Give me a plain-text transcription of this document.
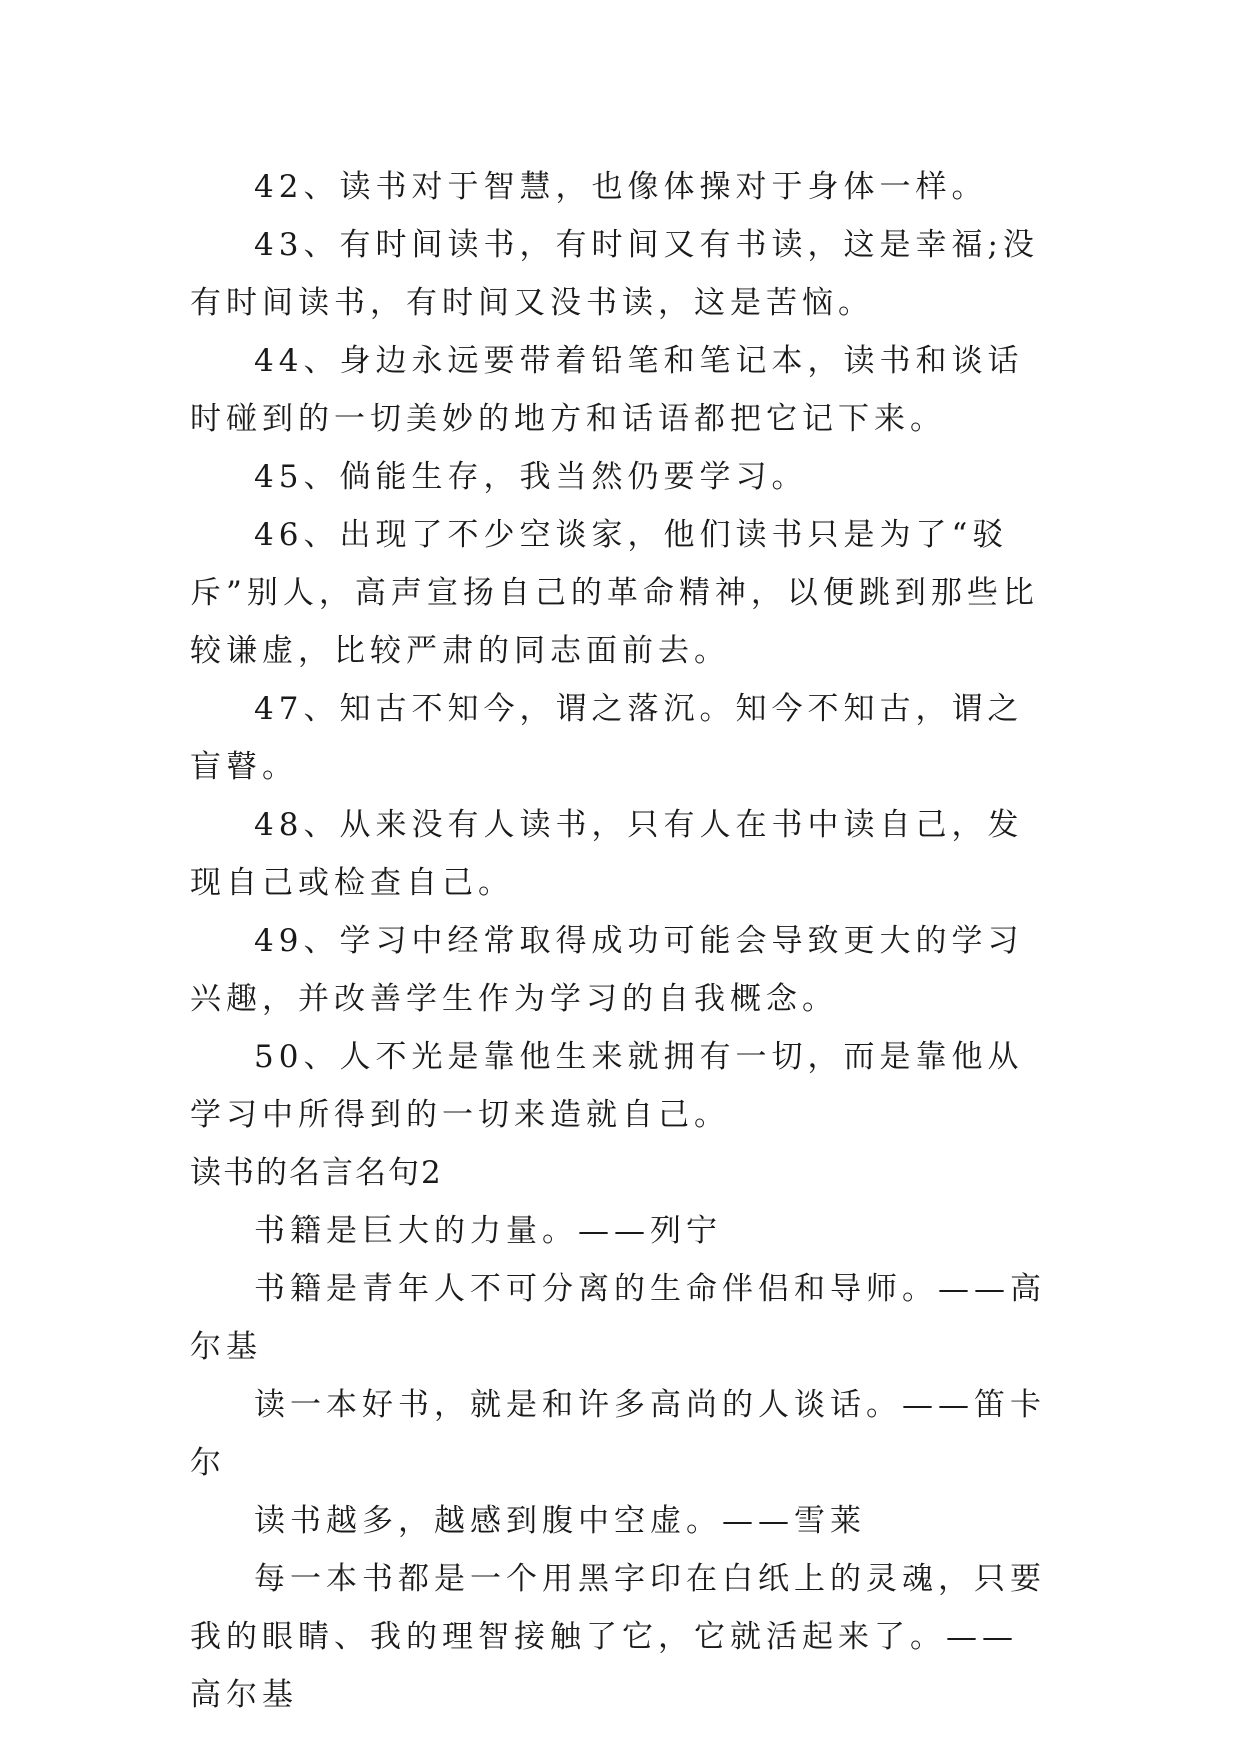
42、读书对于智慧，也像体操对于身体一样。

43、有时间读书，有时间又有书读，这是幸福;没有时间读书，有时间又没书读，这是苦恼。

44、身边永远要带着铅笔和笔记本，读书和谈话时碰到的一切美妙的地方和话语都把它记下来。

45、倘能生存，我当然仍要学习。

46、出现了不少空谈家，他们读书只是为了“驳斥”别人，高声宣扬自己的革命精神，以便跳到那些比较谦虚，比较严肃的同志面前去。

47、知古不知今，谓之落沉。知今不知古，谓之盲瞽。

48、从来没有人读书，只有人在书中读自己，发现自己或检查自己。

49、学习中经常取得成功可能会导致更大的学习兴趣，并改善学生作为学习的自我概念。

50、人不光是靠他生来就拥有一切，而是靠他从学习中所得到的一切来造就自己。

读书的名言名句2

书籍是巨大的力量。——列宁

书籍是青年人不可分离的生命伴侣和导师。——高尔基

读一本好书，就是和许多高尚的人谈话。——笛卡尔

读书越多，越感到腹中空虚。——雪莱

每一本书都是一个用黑字印在白纸上的灵魂，只要我的眼睛、我的理智接触了它，它就活起来了。——高尔基
